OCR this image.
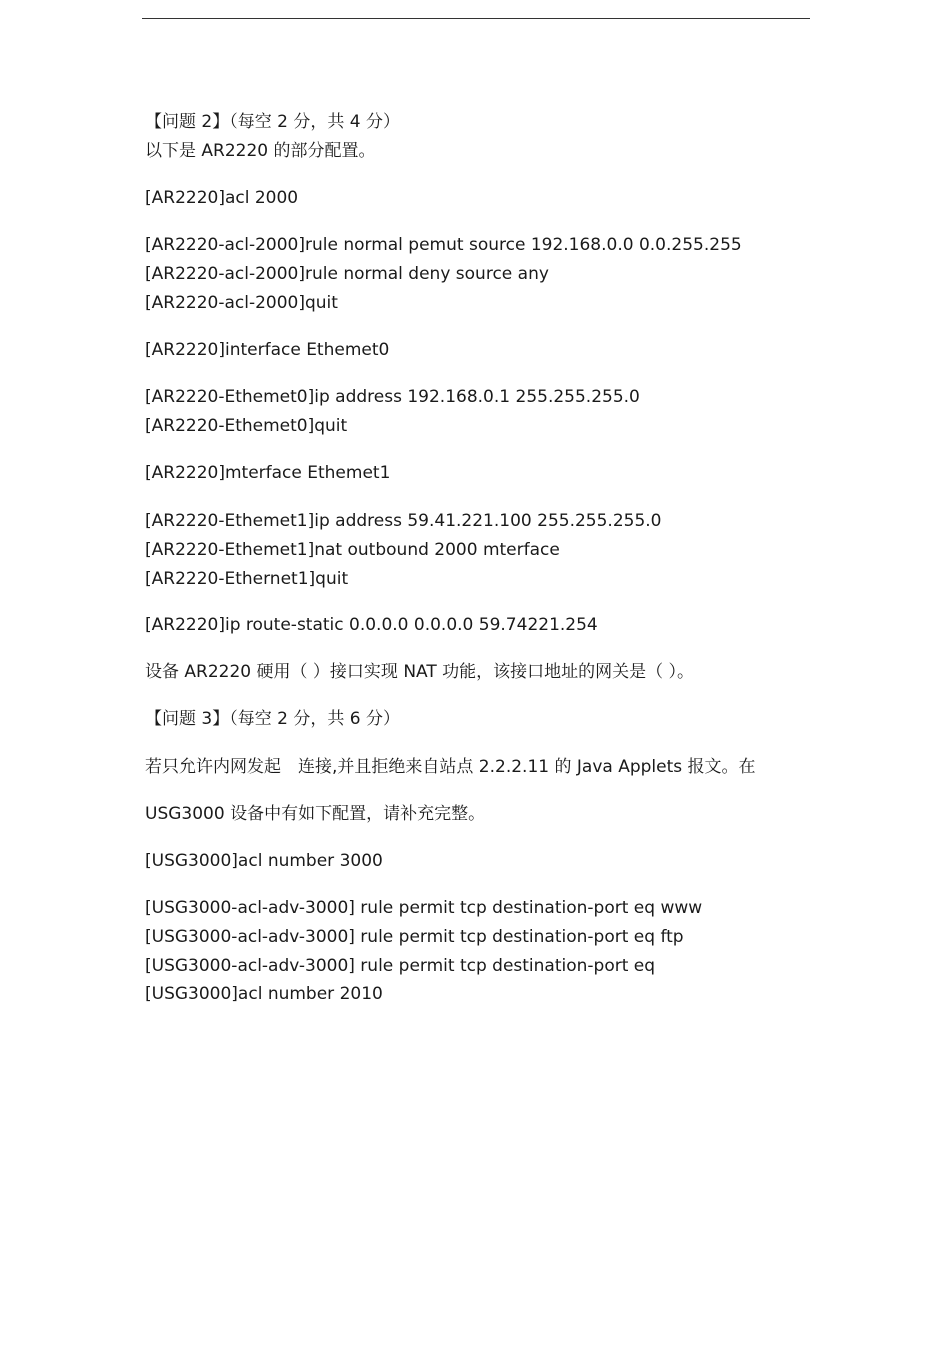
【问题 2】（每空 2 分，共 4 分）
以下是 AR2220 的部分配置。
[AR2220]acl 2000
[AR2220-acl-2000]rule normal pemut source 192.168.0.0 0.0.255.255
[AR2220-acl-2000]rule normal deny source any
[AR2220-acl-2000]quit
[AR2220]interface Ethemet0
[AR2220-Ethemet0]ip address 192.168.0.1 255.255.255.0
[AR2220-Ethemet0]quit
[AR2220]mterface Ethemet1
[AR2220-Ethemet1]ip address 59.41.221.100 255.255.255.0
[AR2220-Ethemet1]nat outbound 2000 mterface
[AR2220-Ethernet1]quit
[AR2220]ip route-static 0.0.0.0 0.0.0.0 59.74221.254
设备 AR2220 硬用（ ）接口实现 NAT 功能，该接口地址的网关是（ ）。
【问题 3】（每空 2 分，共 6 分）
若只允许内网发起　连接,并且拒绝来自站点 2.2.2.11 的 Java Applets 报文。在
USG3000 设备中有如下配置，请补充完整。
[USG3000]acl number 3000
[USG3000-acl-adv-3000] rule permit tcp destination-port eq www
[USG3000-acl-adv-3000] rule permit tcp destination-port eq ftp
[USG3000-acl-adv-3000] rule permit tcp destination-port eq
[USG3000]acl number 2010
